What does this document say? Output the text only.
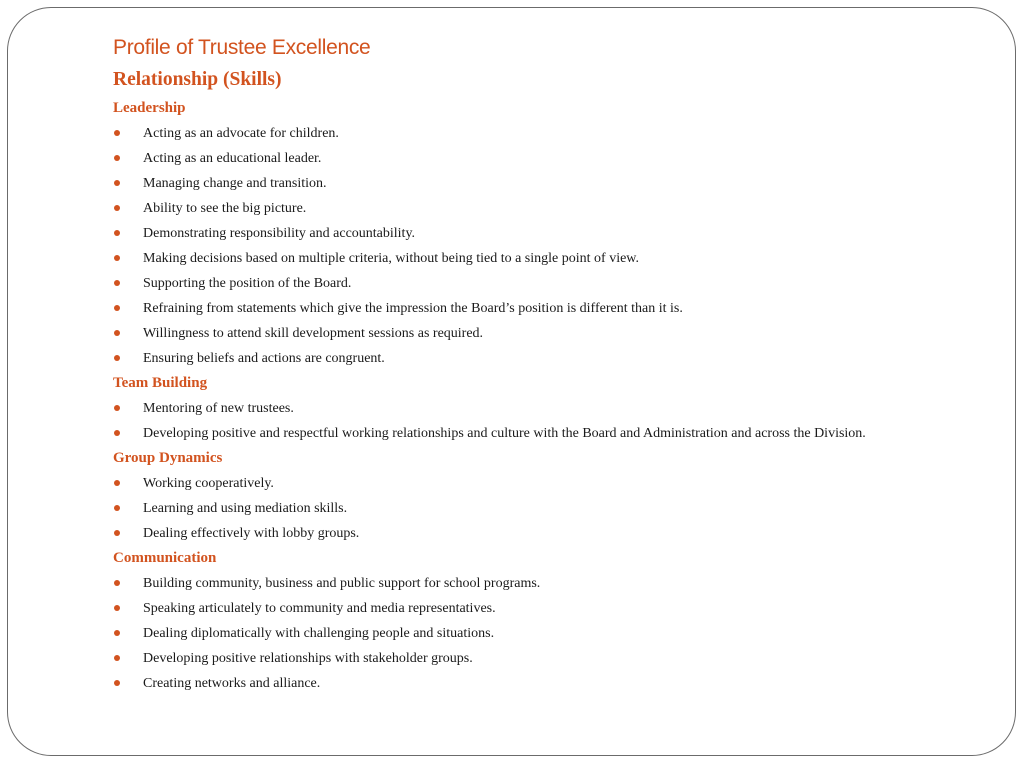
Profile of Trustee Excellence
Relationship (Skills)
Leadership
Acting as an advocate for children.
Acting as an educational leader.
Managing change and transition.
Ability to see the big picture.
Demonstrating responsibility and accountability.
Making decisions based on multiple criteria, without being tied to a single point of view.
Supporting the position of the Board.
Refraining from statements which give the impression the Board’s position is different than it is.
Willingness to attend skill development sessions as required.
Ensuring beliefs and actions are congruent.
Team Building
Mentoring of new trustees.
Developing positive and respectful working relationships and culture with the Board and Administration and across the Division.
Group Dynamics
Working cooperatively.
Learning and using mediation skills.
Dealing effectively with lobby groups.
Communication
Building community, business and public support for school programs.
Speaking articulately to community and media representatives.
Dealing diplomatically with challenging people and situations.
Developing positive relationships with stakeholder groups.
Creating networks and alliance.
